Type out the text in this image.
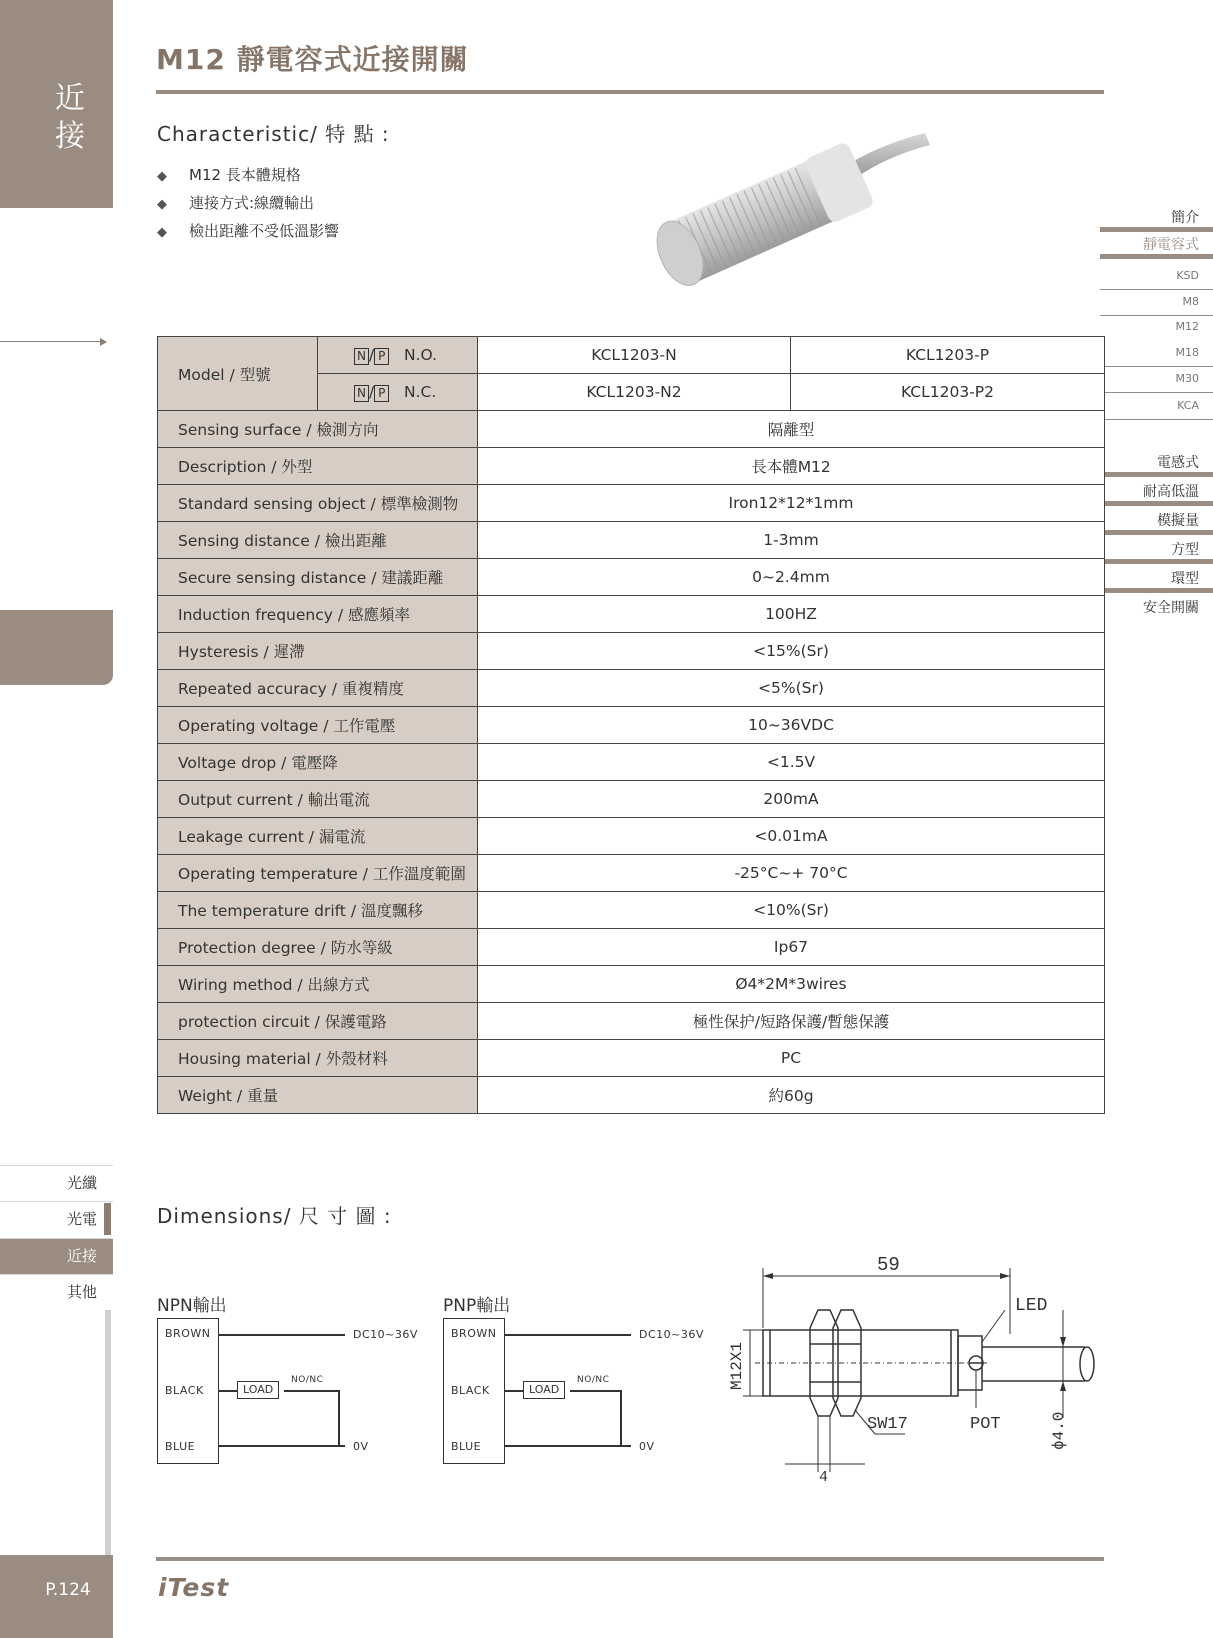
近
接
簡介
靜電容式
KSD
M8
M12
M18
M30
KCA
電感式
耐高低溫
模擬量
方型
環型
安全開關
光纖
光電
近接
其他
P.124
M12 靜電容式近接開關
Characteristic/ 特 點 :
◆ M12 長本體規格
◆ 連接方式:線纜輸出
◆ 檢出距離不受低溫影響
Model / 型號	N / P N.O.	KCL1203-N	KCL1203-P
	N / P N.C.	KCL1203-N2	KCL1203-P2
Sensing surface / 檢測方向		隔離型	
Description / 外型		長本體M12	
Standard sensing object / 標準檢測物		Iron12*12*1mm	
Sensing distance / 檢出距離		1-3mm	
Secure sensing distance / 建議距離		0~2.4mm	
Induction frequency / 感應頻率		100HZ	
Hysteresis / 遲滯		<15%(Sr)	
Repeated accuracy / 重複精度		<5%(Sr)	
Operating voltage / 工作電壓		10~36VDC	
Voltage drop / 電壓降		<1.5V	
Output current / 輸出電流		200mA	
Leakage current / 漏電流		<0.01mA	
Operating temperature / 工作溫度範圍		-25°C~+ 70°C	
The temperature drift / 溫度飄移		<10%(Sr)	
Protection degree / 防水等級		Ip67	
Wiring method / 出線方式		Ø4*2M*3wires	
protection circuit / 保護電路		極性保护/短路保護/暫態保護	
Housing material / 外殼材料		PC	
Weight / 重量		約60g	
Dimensions/ 尺 寸 圖 :
NPN輸出
BROWN
BLACK
BLUE
LOAD
NO/NC
DC10~36V
0V
PNP輸出
BROWN
BLACK
BLUE
LOAD
NO/NC
DC10~36V
0V
59
M12X1
LED
SW17	POT	ϕ4.0
4
iTest
